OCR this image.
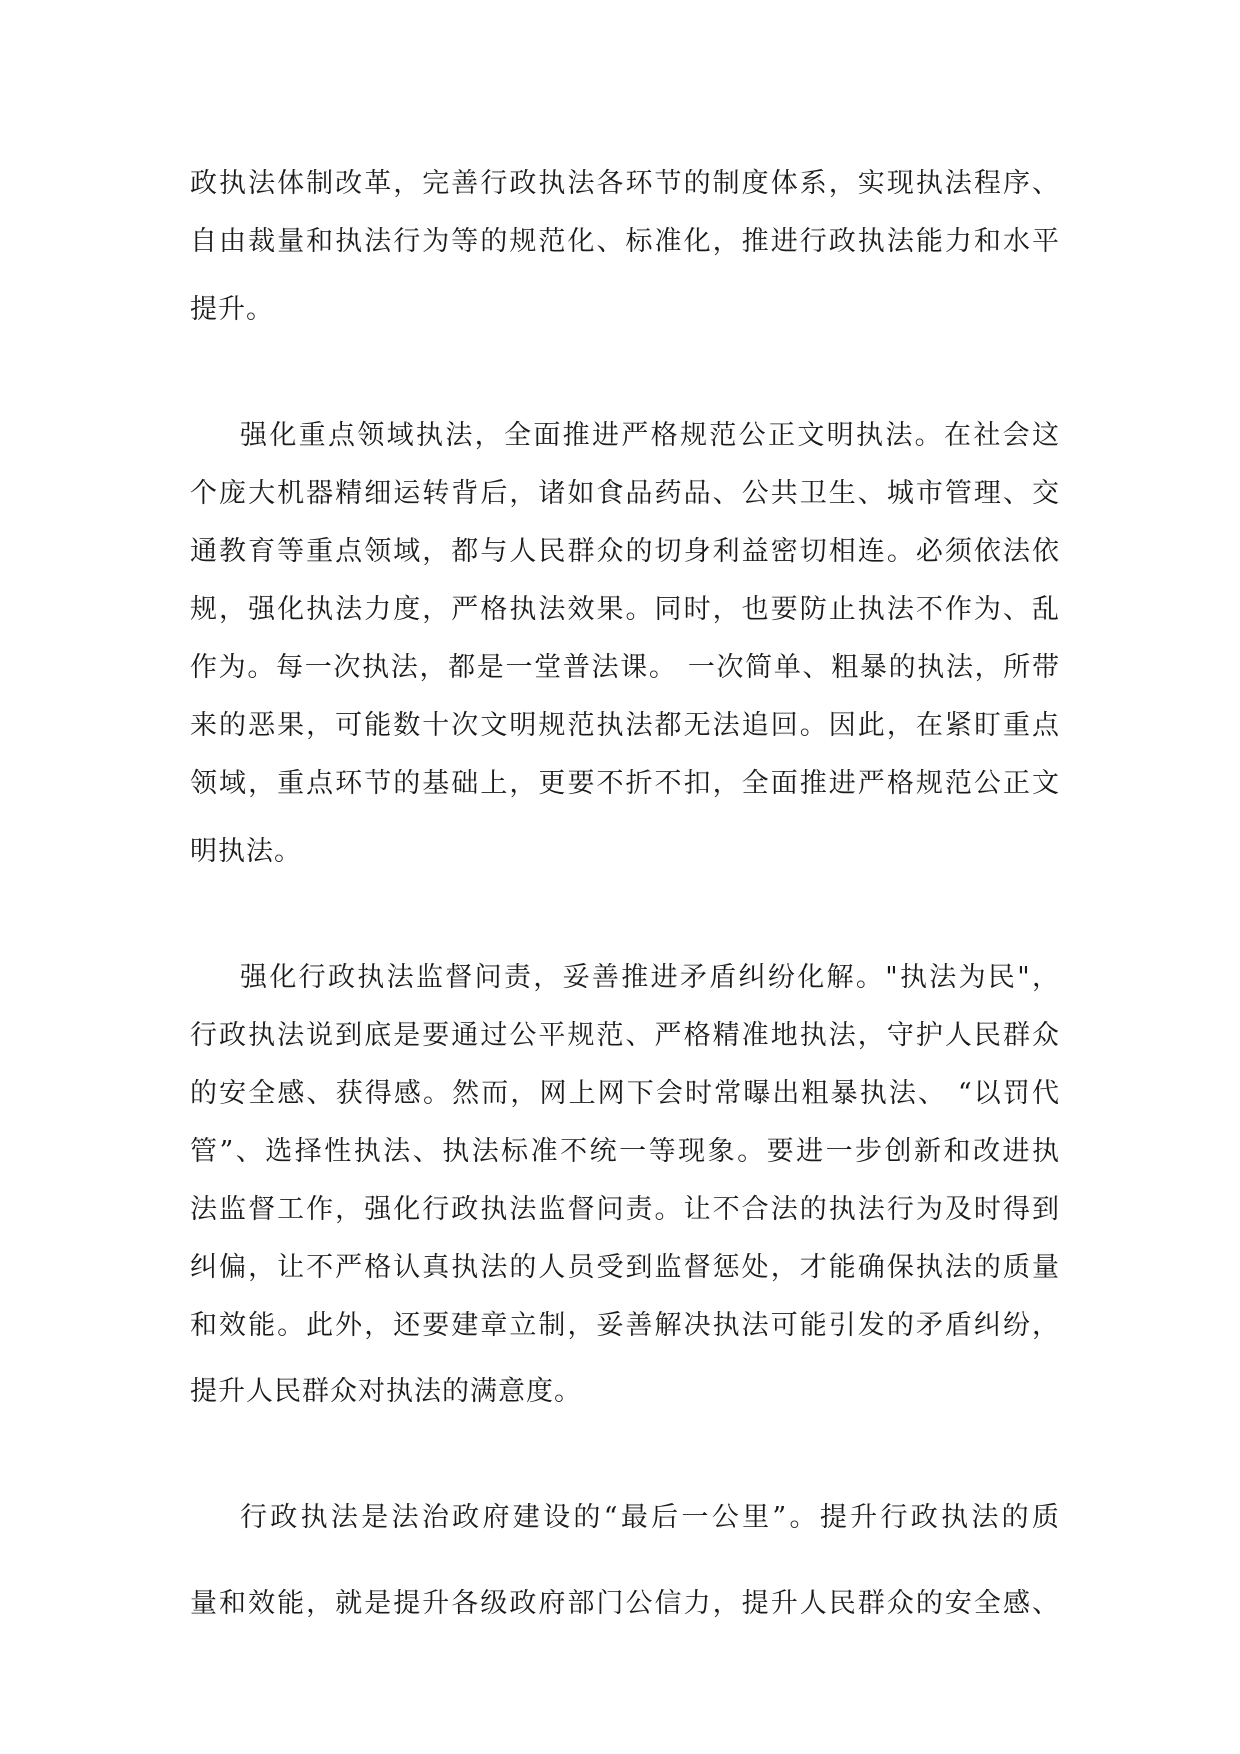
政执法体制改革，完善行政执法各环节的制度体系，实现执法程序、
自由裁量和执法行为等的规范化、标准化，推进行政执法能力和水平
提升。
强化重点领域执法，全面推进严格规范公正文明执法。在社会这
个庞大机器精细运转背后，诸如食品药品、公共卫生、城市管理、交
通教育等重点领域，都与人民群众的切身利益密切相连。必须依法依
规，强化执法力度，严格执法效果。同时，也要防止执法不作为、乱
作为。每一次执法，都是一堂普法课。 一次简单、粗暴的执法，所带
来的恶果，可能数十次文明规范执法都无法追回。因此，在紧盯重点
领域，重点环节的基础上，更要不折不扣，全面推进严格规范公正文
明执法。
强化行政执法监督问责，妥善推进矛盾纠纷化解。"执法为民"，
行政执法说到底是要通过公平规范、严格精准地执法，守护人民群众
的安全感、获得感。然而，网上网下会时常曝出粗暴执法、 “以罚代
管”、选择性执法、执法标准不统一等现象。要进一步创新和改进执
法监督工作，强化行政执法监督问责。让不合法的执法行为及时得到
纠偏，让不严格认真执法的人员受到监督惩处，才能确保执法的质量
和效能。此外，还要建章立制，妥善解决执法可能引发的矛盾纠纷，
提升人民群众对执法的满意度。
行政执法是法治政府建设的“最后一公里”。提升行政执法的质
量和效能，就是提升各级政府部门公信力，提升人民群众的安全感、
